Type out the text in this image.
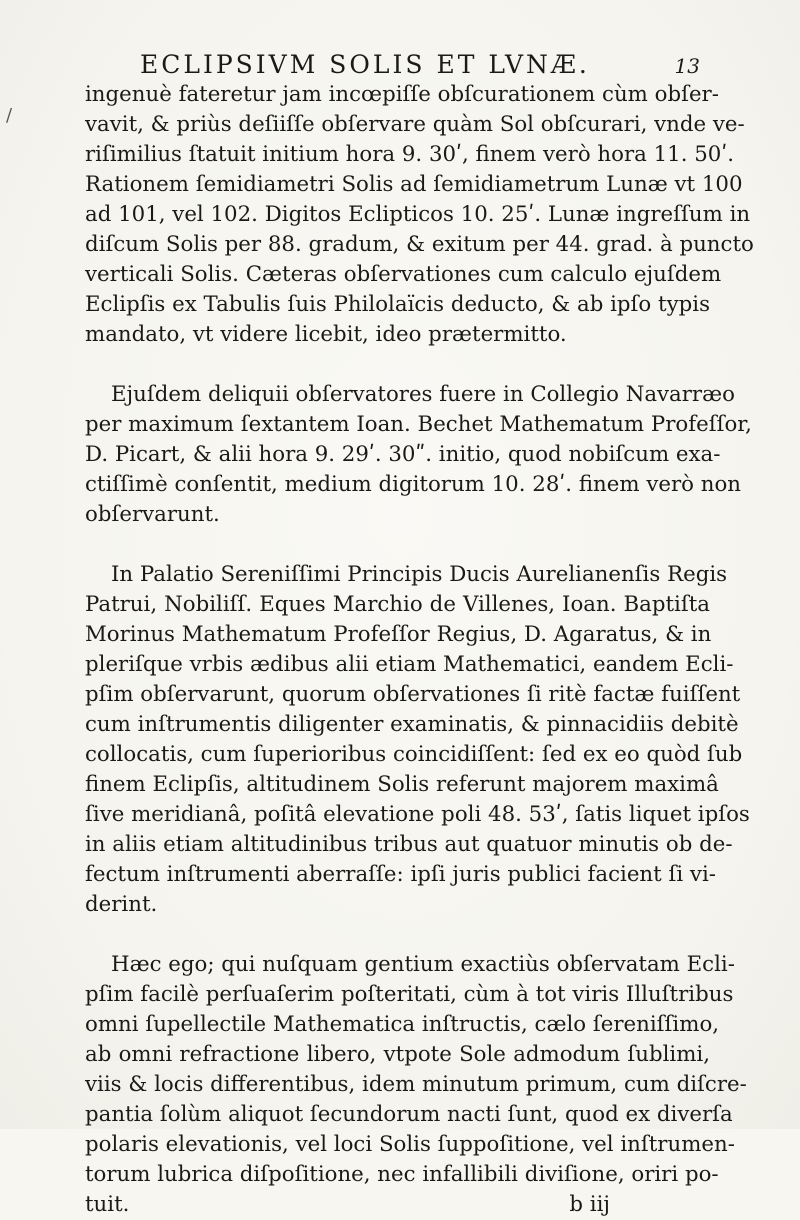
ECLIPSIVM SOLIS ET LVNÆ.	13
/
ingenuè fateretur jam incœpiſſe obſcurationem cùm obſer-
vavit, & priùs deſiiſſe obſervare quàm Sol obſcurari, vnde ve-
riſimilius ſtatuit initium hora 9. 30ʹ, finem verò hora 11. 50ʹ.
Rationem ſemidiametri Solis ad ſemidiametrum Lunæ vt 100
ad 101, vel 102. Digitos Eclipticos 10. 25ʹ. Lunæ ingreſſum in
diſcum Solis per 88. gradum, & exitum per 44. grad. à puncto
verticali Solis. Cæteras obſervationes cum calculo ejuſdem
Eclipſis ex Tabulis ſuis Philolaïcis deducto, & ab ipſo typis
mandato, vt videre licebit, ideo prætermitto.
Ejuſdem deliquii obſervatores fuere in Collegio Navarræo
per maximum ſextantem Ioan. Bechet Mathematum Profeſſor,
D. Picart, & alii hora 9. 29ʹ. 30ʺ. initio, quod nobiſcum exa-
ctiſſimè conſentit, medium digitorum 10. 28ʹ. finem verò non
obſervarunt.
In Palatio Sereniſſimi Principis Ducis Aurelianenſis Regis
Patrui, Nobiliſſ. Eques Marchio de Villenes, Ioan. Baptiſta
Morinus Mathematum Profeſſor Regius, D. Agaratus, & in
pleriſque vrbis ædibus alii etiam Mathematici, eandem Ecli-
pſim obſervarunt, quorum obſervationes ſi ritè factæ fuiſſent
cum inſtrumentis diligenter examinatis, & pinnacidiis debitè
collocatis, cum ſuperioribus coincidiſſent: ſed ex eo quòd ſub
finem Eclipſis, altitudinem Solis referunt majorem maximâ
ſive meridianâ, poſitâ elevatione poli 48. 53ʹ, ſatis liquet ipſos
in aliis etiam altitudinibus tribus aut quatuor minutis ob de-
fectum inſtrumenti aberraſſe: ipſi juris publici facient ſi vi-
derint.
Hæc ego; qui nuſquam gentium exactiùs obſervatam Ecli-
pſim facilè perſuaſerim poſteritati, cùm à tot viris Illuſtribus
omni ſupellectile Mathematica inſtructis, cælo ſereniſſimo,
ab omni refractione libero, vtpote Sole admodum ſublimi,
viis & locis differentibus, idem minutum primum, cum diſcre-
pantia ſolùm aliquot ſecundorum nacti ſunt, quod ex diverſa
polaris elevationis, vel loci Solis ſuppoſitione, vel inſtrumen-
torum lubrica diſpoſitione, nec infallibili diviſione, oriri po-
tuit.	b iij
